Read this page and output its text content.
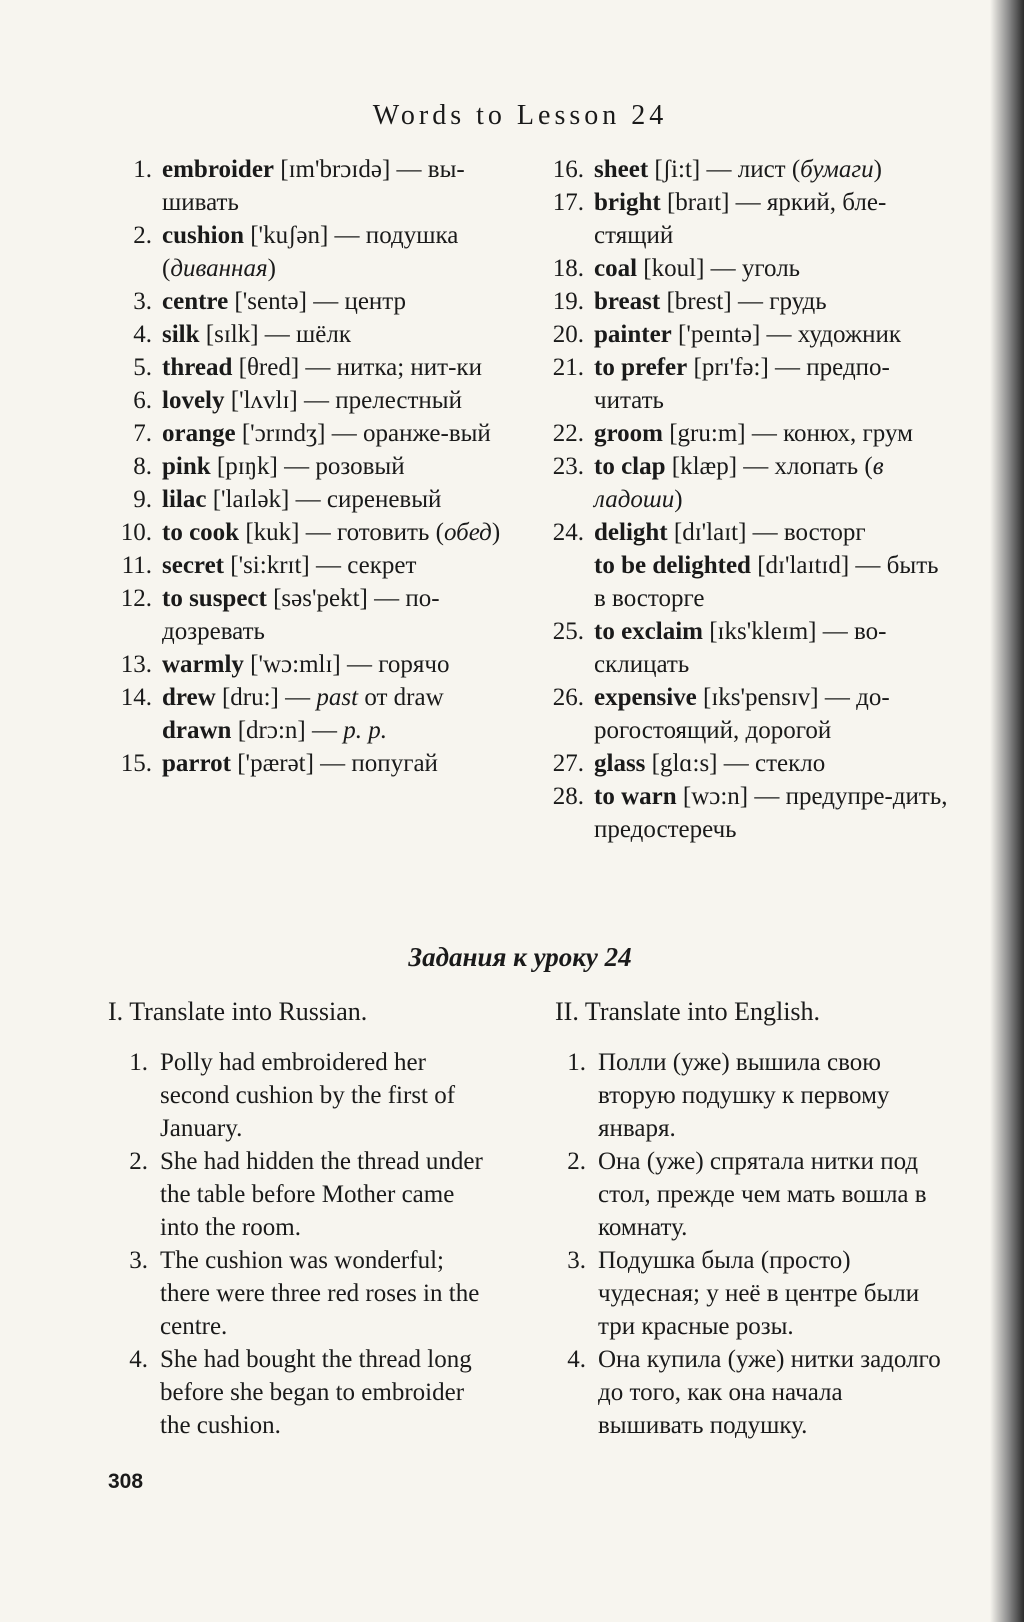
Words to Lesson 24
1. embroider [ɪm'brɔɪdə] — вы-шивать
2. cushion ['kuʃən] — подушка (диванная)
3. centre ['sentə] — центр
4. silk [sɪlk] — шёлк
5. thread [θred] — нитка; нит-ки
6. lovely ['lʌvlɪ] — прелестный
7. orange ['ɔrɪndʒ] — оранже-вый
8. pink [pɪŋk] — розовый
9. lilac ['laɪlək] — сиреневый
10. to cook [kuk] — готовить (обед)
11. secret ['si:krɪt] — секрет
12. to suspect [səs'pekt] — по-дозревать
13. warmly ['wɔ:mlɪ] — горячо
14. drew [dru:] — past от draw
drawn [drɔ:n] — p. p.
15. parrot ['pærət] — попугай
16. sheet [ʃi:t] — лист (бумаги)
17. bright [braɪt] — яркий, бле-стящий
18. coal [koul] — уголь
19. breast [brest] — грудь
20. painter ['peɪntə] — художник
21. to prefer [prɪ'fə:] — предпо-читать
22. groom [gru:m] — конюх, грум
23. to clap [klæp] — хлопать (в ладоши)
24. delight [dɪ'laɪt] — восторг
to be delighted [dɪ'laɪtɪd] — быть в восторге
25. to exclaim [ɪks'kleɪm] — во-склицать
26. expensive [ɪks'pensɪv] — до-рогостоящий, дорогой
27. glass [glɑ:s] — стекло
28. to warn [wɔ:n] — предупре-дить, предостеречь
Задания к уроку 24
I. Translate into Russian.	II. Translate into English.
1. Polly had embroidered her second cushion by the first of January.
2. She had hidden the thread under the table before Mother came into the room.
3. The cushion was wonderful; there were three red roses in the centre.
4. She had bought the thread long before she began to embroider the cushion.
1. Полли (уже) вышила свою вторую подушку к первому января.
2. Она (уже) спрятала нитки под стол, прежде чем мать вошла в комнату.
3. Подушка была (просто) чудесная; у неё в центре были три красные розы.
4. Она купила (уже) нитки задолго до того, как она начала вышивать подушку.
308
